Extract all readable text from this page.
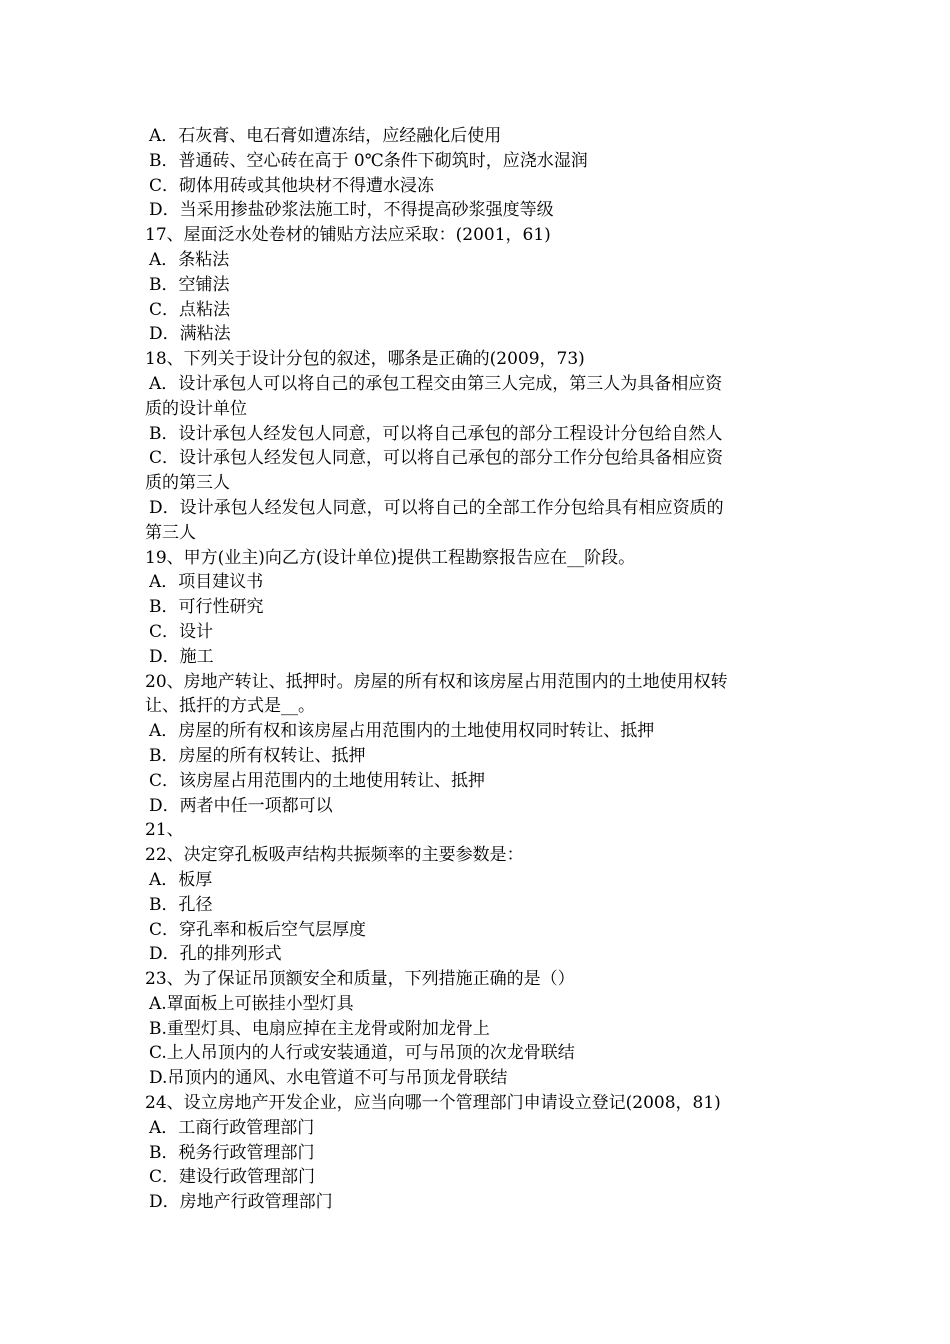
A．石灰膏、电石膏如遭冻结，应经融化后使用
B．普通砖、空心砖在高于 0℃条件下砌筑时，应浇水湿润
C．砌体用砖或其他块材不得遭水浸冻
D．当采用掺盐砂浆法施工时，不得提高砂浆强度等级
17、屋面泛水处卷材的铺贴方法应采取：(2001，61)
A．条粘法
B．空铺法
C．点粘法
D．满粘法
18、下列关于设计分包的叙述，哪条是正确的(2009，73)
A．设计承包人可以将自己的承包工程交由第三人完成，第三人为具备相应资
质的设计单位
B．设计承包人经发包人同意，可以将自己承包的部分工程设计分包给自然人
C．设计承包人经发包人同意，可以将自己承包的部分工作分包给具备相应资
质的第三人
D．设计承包人经发包人同意，可以将自己的全部工作分包给具有相应资质的
第三人
19、甲方(业主)向乙方(设计单位)提供工程勘察报告应在__阶段。
A．项目建议书
B．可行性研究
C．设计
D．施工
20、房地产转让、抵押时。房屋的所有权和该房屋占用范围内的土地使用权转
让、抵扞的方式是__。
A．房屋的所有权和该房屋占用范围内的土地使用权同时转让、抵押
B．房屋的所有权转让、抵押
C．该房屋占用范围内的土地使用转让、抵押
D．两者中任一项都可以
21、
22、决定穿孔板吸声结构共振频率的主要参数是：
A．板厚
B．孔径
C．穿孔率和板后空气层厚度
D．孔的排列形式
23、为了保证吊顶额安全和质量，下列措施正确的是（）
A.罩面板上可嵌挂小型灯具
B.重型灯具、电扇应掉在主龙骨或附加龙骨上
C.上人吊顶内的人行或安装通道，可与吊顶的次龙骨联结
D.吊顶内的通风、水电管道不可与吊顶龙骨联结
24、设立房地产开发企业，应当向哪一个管理部门申请设立登记(2008，81)
A．工商行政管理部门
B．税务行政管理部门
C．建设行政管理部门
D．房地产行政管理部门
